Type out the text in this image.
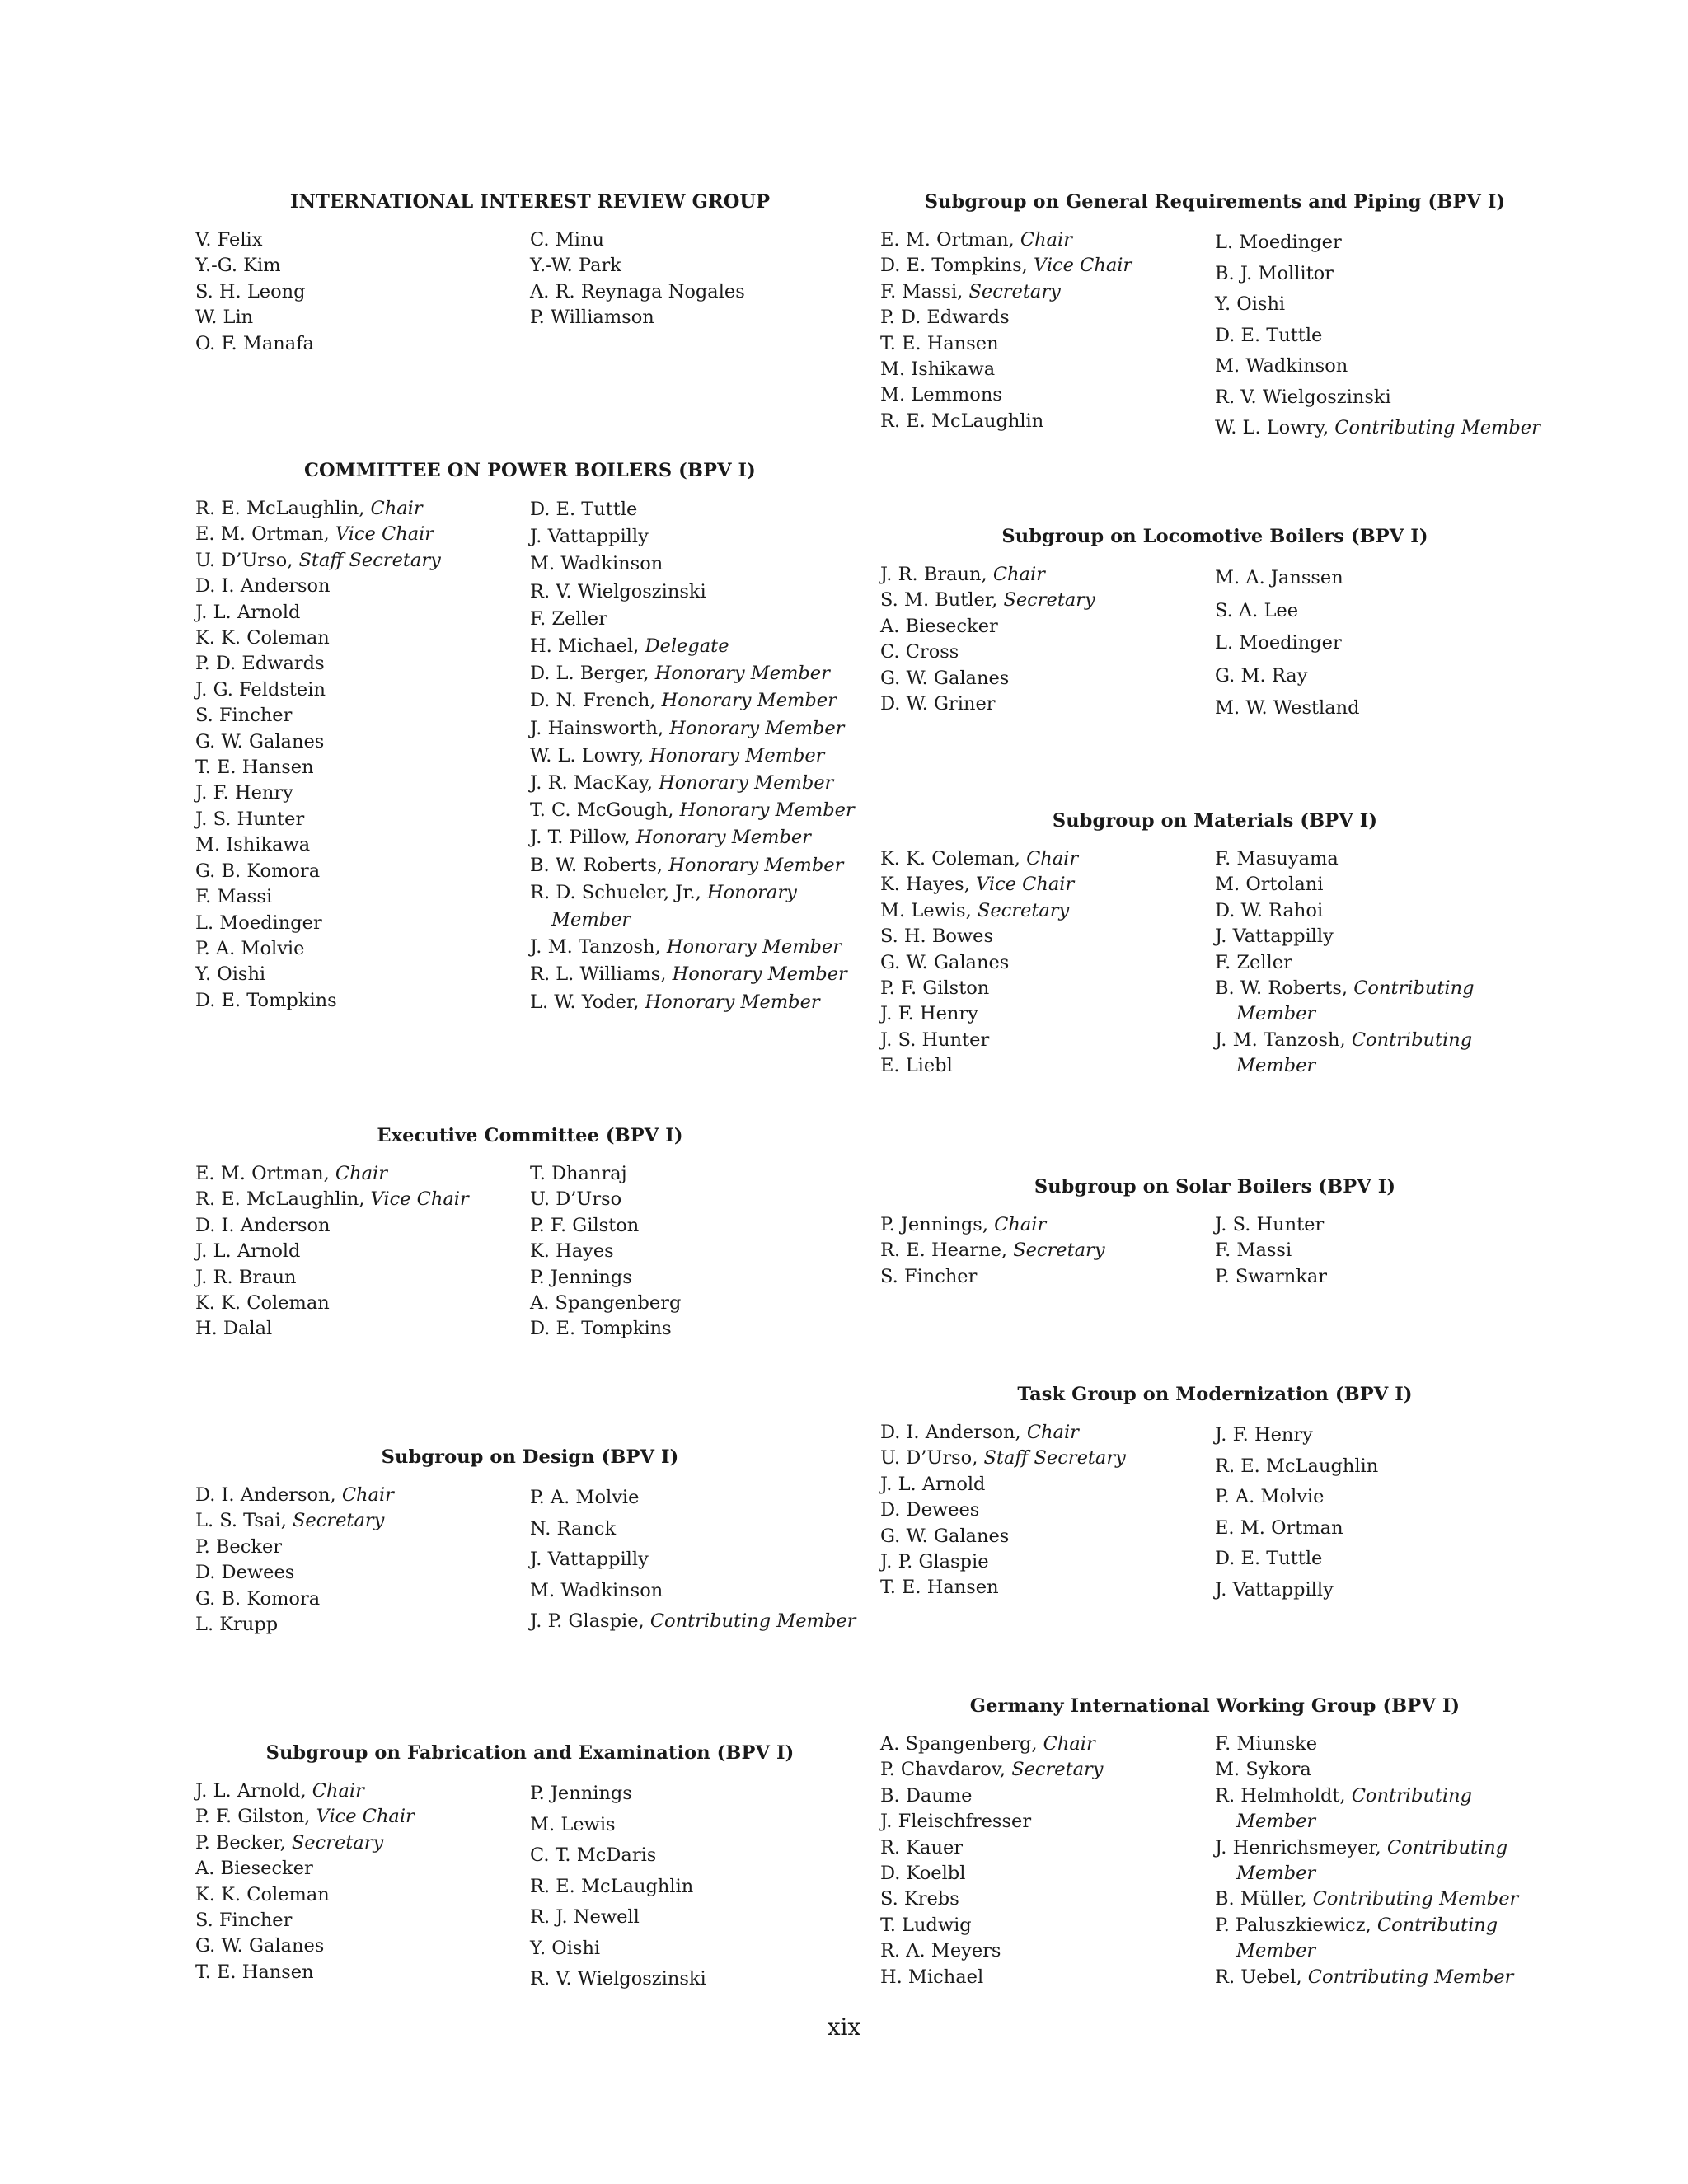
INTERNATIONAL INTEREST REVIEW GROUP
V. Felix
Y.-G. Kim
S. H. Leong
W. Lin
O. F. Manafa
C. Minu
Y.-W. Park
A. R. Reynaga Nogales
P. Williamson
COMMITTEE ON POWER BOILERS (BPV I)
R. E. McLaughlin, Chair
E. M. Ortman, Vice Chair
U. D’Urso, Staff Secretary
D. I. Anderson
J. L. Arnold
K. K. Coleman
P. D. Edwards
J. G. Feldstein
S. Fincher
G. W. Galanes
T. E. Hansen
J. F. Henry
J. S. Hunter
M. Ishikawa
G. B. Komora
F. Massi
L. Moedinger
P. A. Molvie
Y. Oishi
D. E. Tompkins
D. E. Tuttle
J. Vattappilly
M. Wadkinson
R. V. Wielgoszinski
F. Zeller
H. Michael, Delegate
D. L. Berger, Honorary Member
D. N. French, Honorary Member
J. Hainsworth, Honorary Member
W. L. Lowry, Honorary Member
J. R. MacKay, Honorary Member
T. C. McGough, Honorary Member
J. T. Pillow, Honorary Member
B. W. Roberts, Honorary Member
R. D. Schueler, Jr., Honorary Member
J. M. Tanzosh, Honorary Member
R. L. Williams, Honorary Member
L. W. Yoder, Honorary Member
Executive Committee (BPV I)
E. M. Ortman, Chair
R. E. McLaughlin, Vice Chair
D. I. Anderson
J. L. Arnold
J. R. Braun
K. K. Coleman
H. Dalal
T. Dhanraj
U. D’Urso
P. F. Gilston
K. Hayes
P. Jennings
A. Spangenberg
D. E. Tompkins
Subgroup on Design (BPV I)
D. I. Anderson, Chair
L. S. Tsai, Secretary
P. Becker
D. Dewees
G. B. Komora
L. Krupp
P. A. Molvie
N. Ranck
J. Vattappilly
M. Wadkinson
J. P. Glaspie, Contributing Member
Subgroup on Fabrication and Examination (BPV I)
J. L. Arnold, Chair
P. F. Gilston, Vice Chair
P. Becker, Secretary
A. Biesecker
K. K. Coleman
S. Fincher
G. W. Galanes
T. E. Hansen
P. Jennings
M. Lewis
C. T. McDaris
R. E. McLaughlin
R. J. Newell
Y. Oishi
R. V. Wielgoszinski
Subgroup on General Requirements and Piping (BPV I)
E. M. Ortman, Chair
D. E. Tompkins, Vice Chair
F. Massi, Secretary
P. D. Edwards
T. E. Hansen
M. Ishikawa
M. Lemmons
R. E. McLaughlin
L. Moedinger
B. J. Mollitor
Y. Oishi
D. E. Tuttle
M. Wadkinson
R. V. Wielgoszinski
W. L. Lowry, Contributing Member
Subgroup on Locomotive Boilers (BPV I)
J. R. Braun, Chair
S. M. Butler, Secretary
A. Biesecker
C. Cross
G. W. Galanes
D. W. Griner
M. A. Janssen
S. A. Lee
L. Moedinger
G. M. Ray
M. W. Westland
Subgroup on Materials (BPV I)
K. K. Coleman, Chair
K. Hayes, Vice Chair
M. Lewis, Secretary
S. H. Bowes
G. W. Galanes
P. F. Gilston
J. F. Henry
J. S. Hunter
E. Liebl
F. Masuyama
M. Ortolani
D. W. Rahoi
J. Vattappilly
F. Zeller
B. W. Roberts, Contributing Member
J. M. Tanzosh, Contributing Member
Subgroup on Solar Boilers (BPV I)
P. Jennings, Chair
R. E. Hearne, Secretary
S. Fincher
J. S. Hunter
F. Massi
P. Swarnkar
Task Group on Modernization (BPV I)
D. I. Anderson, Chair
U. D’Urso, Staff Secretary
J. L. Arnold
D. Dewees
G. W. Galanes
J. P. Glaspie
T. E. Hansen
J. F. Henry
R. E. McLaughlin
P. A. Molvie
E. M. Ortman
D. E. Tuttle
J. Vattappilly
Germany International Working Group (BPV I)
A. Spangenberg, Chair
P. Chavdarov, Secretary
B. Daume
J. Fleischfresser
R. Kauer
D. Koelbl
S. Krebs
T. Ludwig
R. A. Meyers
H. Michael
F. Miunske
M. Sykora
R. Helmholdt, Contributing Member
J. Henrichsmeyer, Contributing Member
B. Müller, Contributing Member
P. Paluszkiewicz, Contributing Member
R. Uebel, Contributing Member
xix
